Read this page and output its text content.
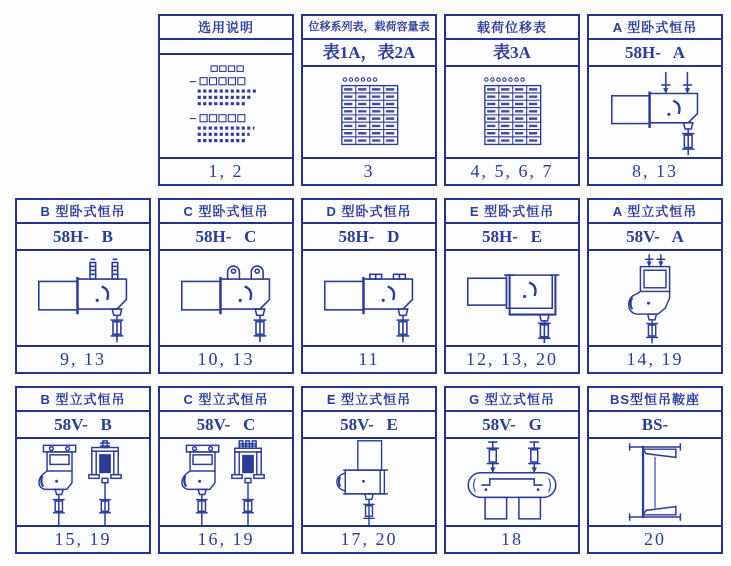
选用说明
1, 2
位移系列表，载荷容量表
表1A，表2A
3
载荷位移表
表3A
4, 5, 6, 7
A 型卧式恒吊
58H-   A
8, 13
B 型卧式恒吊
58H-   B
9, 13
C 型卧式恒吊
58H-   C
10, 13
D 型卧式恒吊
58H-   D
11
E 型卧式恒吊
58H-   E
12, 13, 20
A 型立式恒吊
58V-   A
14, 19
B 型立式恒吊
58V-   B
15, 19
C 型立式恒吊
58V-   C
16, 19
E 型立式恒吊
58V-   E
17, 20
G 型立式恒吊
58V-   G
18
BS型恒吊鞍座
BS-
20
